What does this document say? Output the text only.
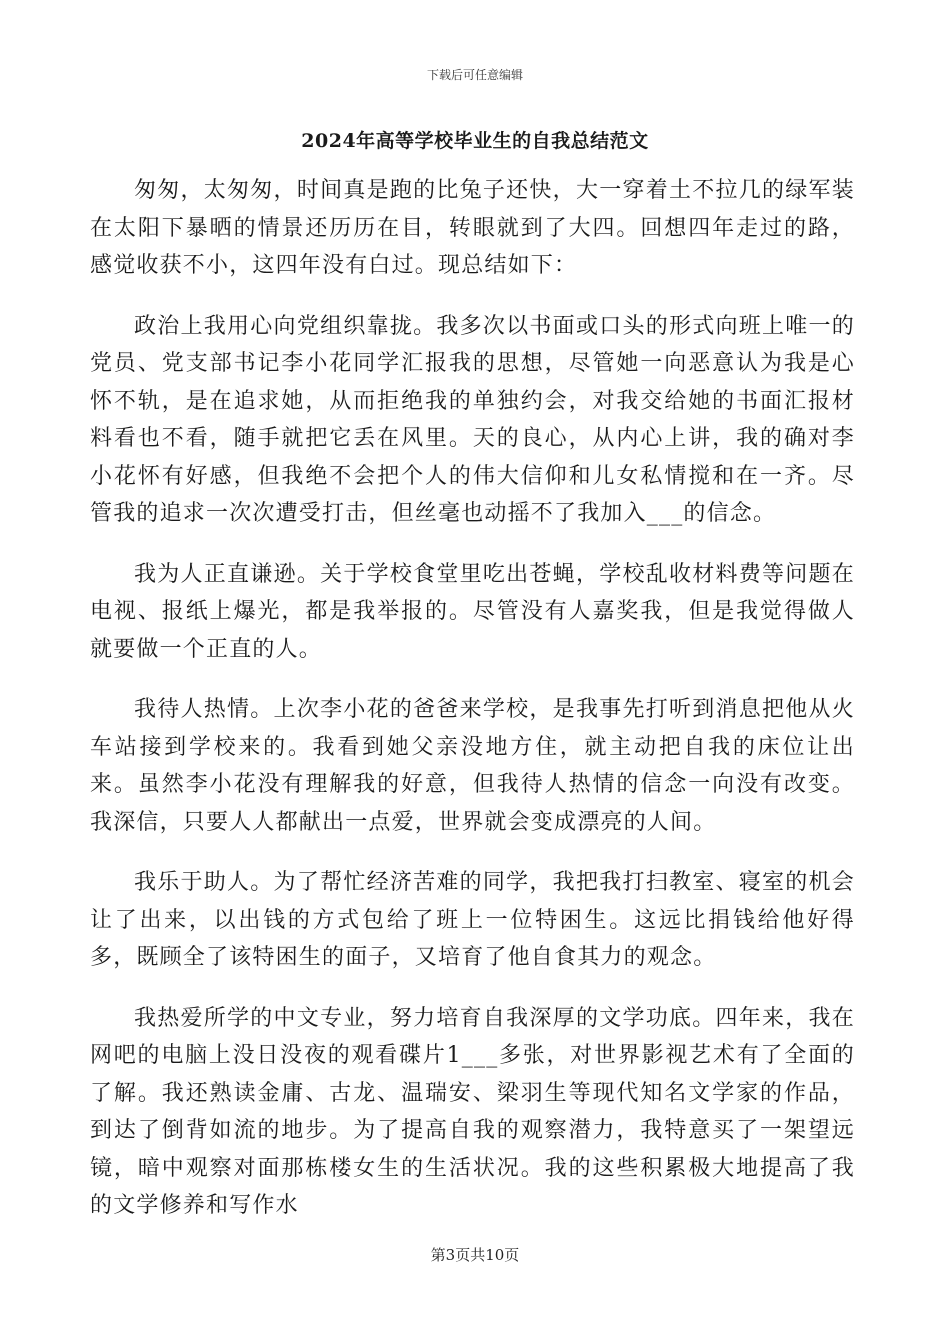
下载后可任意编辑
2024年高等学校毕业生的自我总结范文

匆匆，太匆匆，时间真是跑的比兔子还快，大一穿着土不拉几的绿军装在太阳下暴晒的情景还历历在目，转眼就到了大四。回想四年走过的路，感觉收获不小，这四年没有白过。现总结如下：

政治上我用心向党组织靠拢。我多次以书面或口头的形式向班上唯一的党员、党支部书记李小花同学汇报我的思想，尽管她一向恶意认为我是心怀不轨，是在追求她，从而拒绝我的单独约会，对我交给她的书面汇报材料看也不看，随手就把它丢在风里。天的良心，从内心上讲，我的确对李小花怀有好感，但我绝不会把个人的伟大信仰和儿女私情搅和在一齐。尽管我的追求一次次遭受打击，但丝毫也动摇不了我加入___的信念。

我为人正直谦逊。关于学校食堂里吃出苍蝇，学校乱收材料费等问题在电视、报纸上爆光，都是我举报的。尽管没有人嘉奖我，但是我觉得做人就要做一个正直的人。

我待人热情。上次李小花的爸爸来学校，是我事先打听到消息把他从火车站接到学校来的。我看到她父亲没地方住，就主动把自我的床位让出来。虽然李小花没有理解我的好意，但我待人热情的信念一向没有改变。我深信，只要人人都献出一点爱，世界就会变成漂亮的人间。

我乐于助人。为了帮忙经济苦难的同学，我把我打扫教室、寝室的机会让了出来，以出钱的方式包给了班上一位特困生。这远比捐钱给他好得多，既顾全了该特困生的面子，又培育了他自食其力的观念。

我热爱所学的中文专业，努力培育自我深厚的文学功底。四年来，我在网吧的电脑上没日没夜的观看碟片1___多张，对世界影视艺术有了全面的了解。我还熟读金庸、古龙、温瑞安、梁羽生等现代知名文学家的作品，到达了倒背如流的地步。为了提高自我的观察潜力，我特意买了一架望远镜，暗中观察对面那栋楼女生的生活状况。我的这些积累极大地提高了我的文学修养和写作水

第3页共10页
